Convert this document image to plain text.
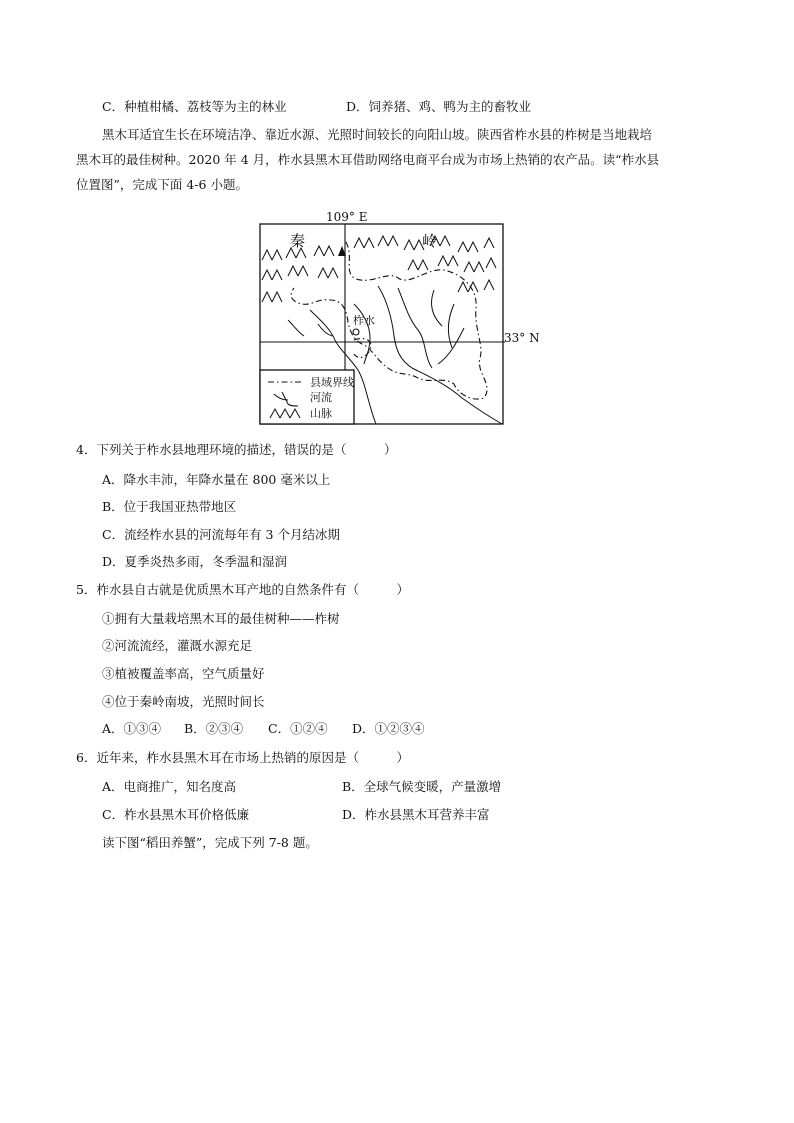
C．种植柑橘、荔枝等为主的林业	D．饲养猪、鸡、鸭为主的畜牧业
黑木耳适宜生长在环境洁净、靠近水源、光照时间较长的向阳山坡。陕西省柞水县的柞树是当地栽培
黑木耳的最佳树种。2020 年 4 月，柞水县黑木耳借助网络电商平台成为市场上热销的农产品。读“柞水县
位置图”，完成下面 4-6 小题。
109° E
33° N
秦	岭
柞水
县域界线
河流
山脉
4．下列关于柞水县地理环境的描述，错误的是（　　　）
A．降水丰沛，年降水量在 800 毫米以上
B．位于我国亚热带地区
C．流经柞水县的河流每年有 3 个月结冰期
D．夏季炎热多雨，冬季温和湿润
5．柞水县自古就是优质黑木耳产地的自然条件有（　　　）
①拥有大量栽培黑木耳的最佳树种——柞树
②河流流经，灌溉水源充足
③植被覆盖率高，空气质量好
④位于秦岭南坡，光照时间长
A．①③④ B．②③④ C．①②④ D．①②③④
6．近年来，柞水县黑木耳在市场上热销的原因是（　　　）
A．电商推广，知名度高	B．全球气候变暖，产量激增
C．柞水县黑木耳价格低廉	D．柞水县黑木耳营养丰富
读下图“稻田养蟹”，完成下列 7-8 题。
